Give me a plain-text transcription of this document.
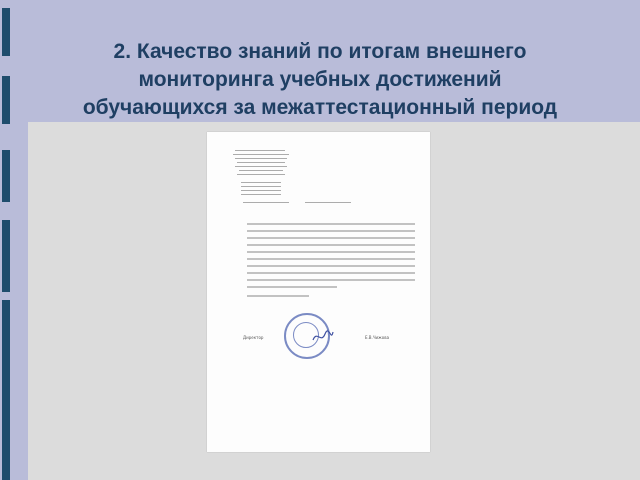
2. Качество знаний по итогам внешнего
мониторинга учебных достижений
обучающихся за межаттестационный период
Директор	Е.В.Чижова
